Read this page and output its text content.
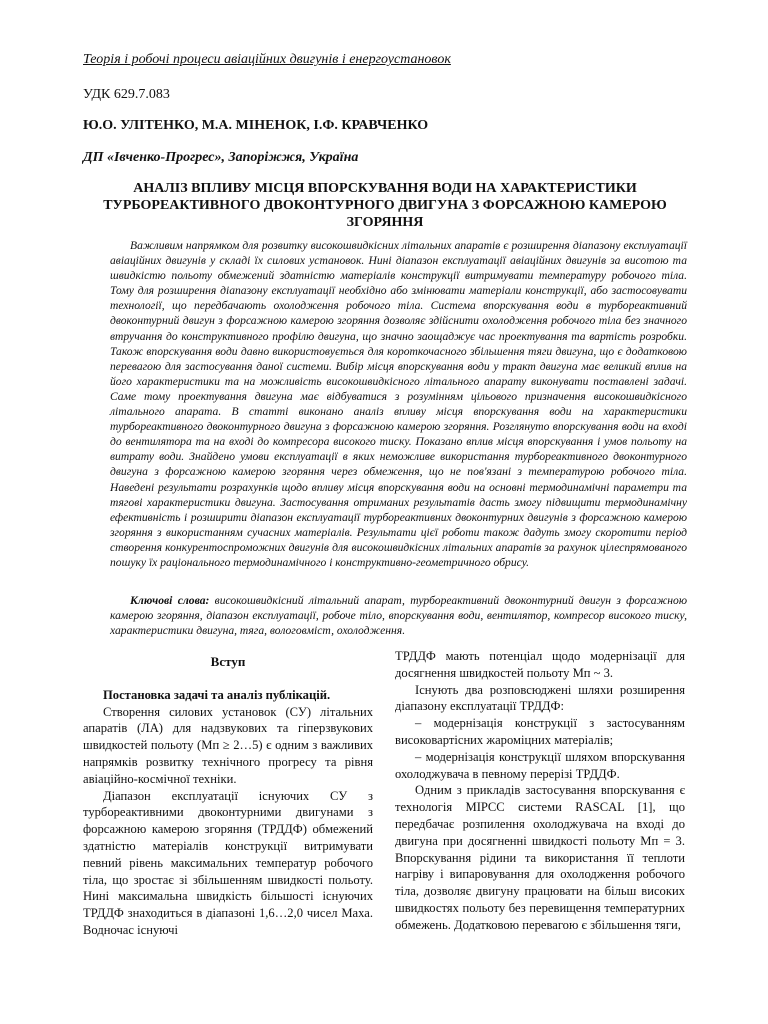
Теорія і робочі процеси авіаційних двигунів і енергоустановок
УДК 629.7.083
Ю.О. УЛІТЕНКО, М.А. МІНЕНОК, І.Ф. КРАВЧЕНКО
ДП «Івченко-Прогрес», Запоріжжя, Україна
АНАЛІЗ ВПЛИВУ МІСЦЯ ВПОРСКУВАННЯ ВОДИ НА ХАРАКТЕРИСТИКИ ТУРБОРЕАКТИВНОГО ДВОКОНТУРНОГО ДВИГУНА З ФОРСАЖНОЮ КАМЕРОЮ ЗГОРЯННЯ

Важливим напрямком для розвитку високошвидкісних літальних апаратів є розширення діапазону експлуатації авіаційних двигунів у складі їх силових установок. Нині діапазон експлуатації авіаційних двигунів за висотою та швидкістю польоту обмежений здатністю матеріалів конструкції витримувати температуру робочого тіла. Тому для розширення діапазону експлуатації необхідно або змінювати матеріали конструкції, або застосовувати технології, що передбачають охолодження робочого тіла. Система впорскування води в турбореактивний двоконтурний двигун з форсажною камерою згоряння дозволяє здійснити охолодження робочого тіла без значного втручання до конструктивного профілю двигуна, що значно заощаджує час проектування та вартість розробки. Також впорскування води давно використовується для короткочасного збільшення тяги двигуна, що є додатковою перевагою для застосування даної системи. Вибір місця впорскування води у тракт двигуна має великий вплив на його характеристики та на можливість високошвидкісного літального апарату виконувати поставлені задачі. Саме тому проектування двигуна має відбуватися з розумінням цільового призначення високошвидкісного літального апарата. В статті виконано аналіз впливу місця впорскування води на характеристики турбореактивного двоконтурного двигуна з форсажною камерою згоряння. Розглянуто впорскування води на вході до вентилятора та на вході до компресора високого тиску. Показано вплив місця впорскування і умов польоту на витрату води. Знайдено умови експлуатації в яких неможливе використання турбореактивного двоконтурного двигуна з форсажною камерою згоряння через обмеження, що не пов'язані з температурою робочого тіла. Наведені результати розрахунків щодо впливу місця впорскування води на основні термодинамічні параметри та тягові характеристики двигуна. Застосування отриманих результатів дасть змогу підвищити термодинамічну ефективність і розширити діапазон експлуатації турбореактивних двоконтурних двигунів з форсажною камерою згоряння з використанням сучасних матеріалів. Результати цієї роботи також дадуть змогу скоротити період створення конкурентоспроможних двигунів для високошвидкісних літальних апаратів за рахунок цілеспрямованого пошуку їх раціонального термодинамічного і конструктивно-геометричного обрису.

Ключові слова: високошвидкісний літальний апарат, турбореактивний двоконтурний двигун з форсажною камерою згоряння, діапазон експлуатації, робоче тіло, впорскування води, вентилятор, компресор високого тиску, характеристики двигуна, тяга, вологовміст, охолодження.

Вступ

Постановка задачі та аналіз публікацій.

Створення силових установок (СУ) літальних апаратів (ЛА) для надзвукових та гіперзвукових швидкостей польоту (Mп ≥ 2…5) є одним з важливих напрямків розвитку технічного прогресу та рівня авіаційно-космічної техніки.

Діапазон експлуатації існуючих СУ з турбореактивними двоконтурними двигунами з форсажною камерою згоряння (ТРДДФ) обмежений здатністю матеріалів конструкції витримувати певний рівень максимальних температур робочого тіла, що зростає зі збільшенням швидкості польоту. Нині максимальна швидкість більшості існуючих ТРДДФ знаходиться в діапазоні 1,6…2,0 чисел Маха. Водночас існуючі

ТРДДФ мають потенціал щодо модернізації для досягнення швидкостей польоту Mп ~ 3.

Існують два розповсюджені шляхи розширення діапазону експлуатації ТРДДФ:

– модернізація конструкції з застосуванням високовартісних жароміцних матеріалів;

– модернізація конструкції шляхом впорскування охолоджувача в певному перерізі ТРДДФ.

Одним з прикладів застосування впорскування є технологія MIPCC системи RASCAL [1], що передбачає розпилення охолоджувача на вході до двигуна при досягненні швидкості польоту Mп = 3. Впорскування рідини та використання її теплоти нагріву і випаровування для охолодження робочого тіла, дозволяє двигуну працювати на більш високих швидкостях польоту без перевищення температурних обмежень. Додатковою перевагою є збільшення тяги,
